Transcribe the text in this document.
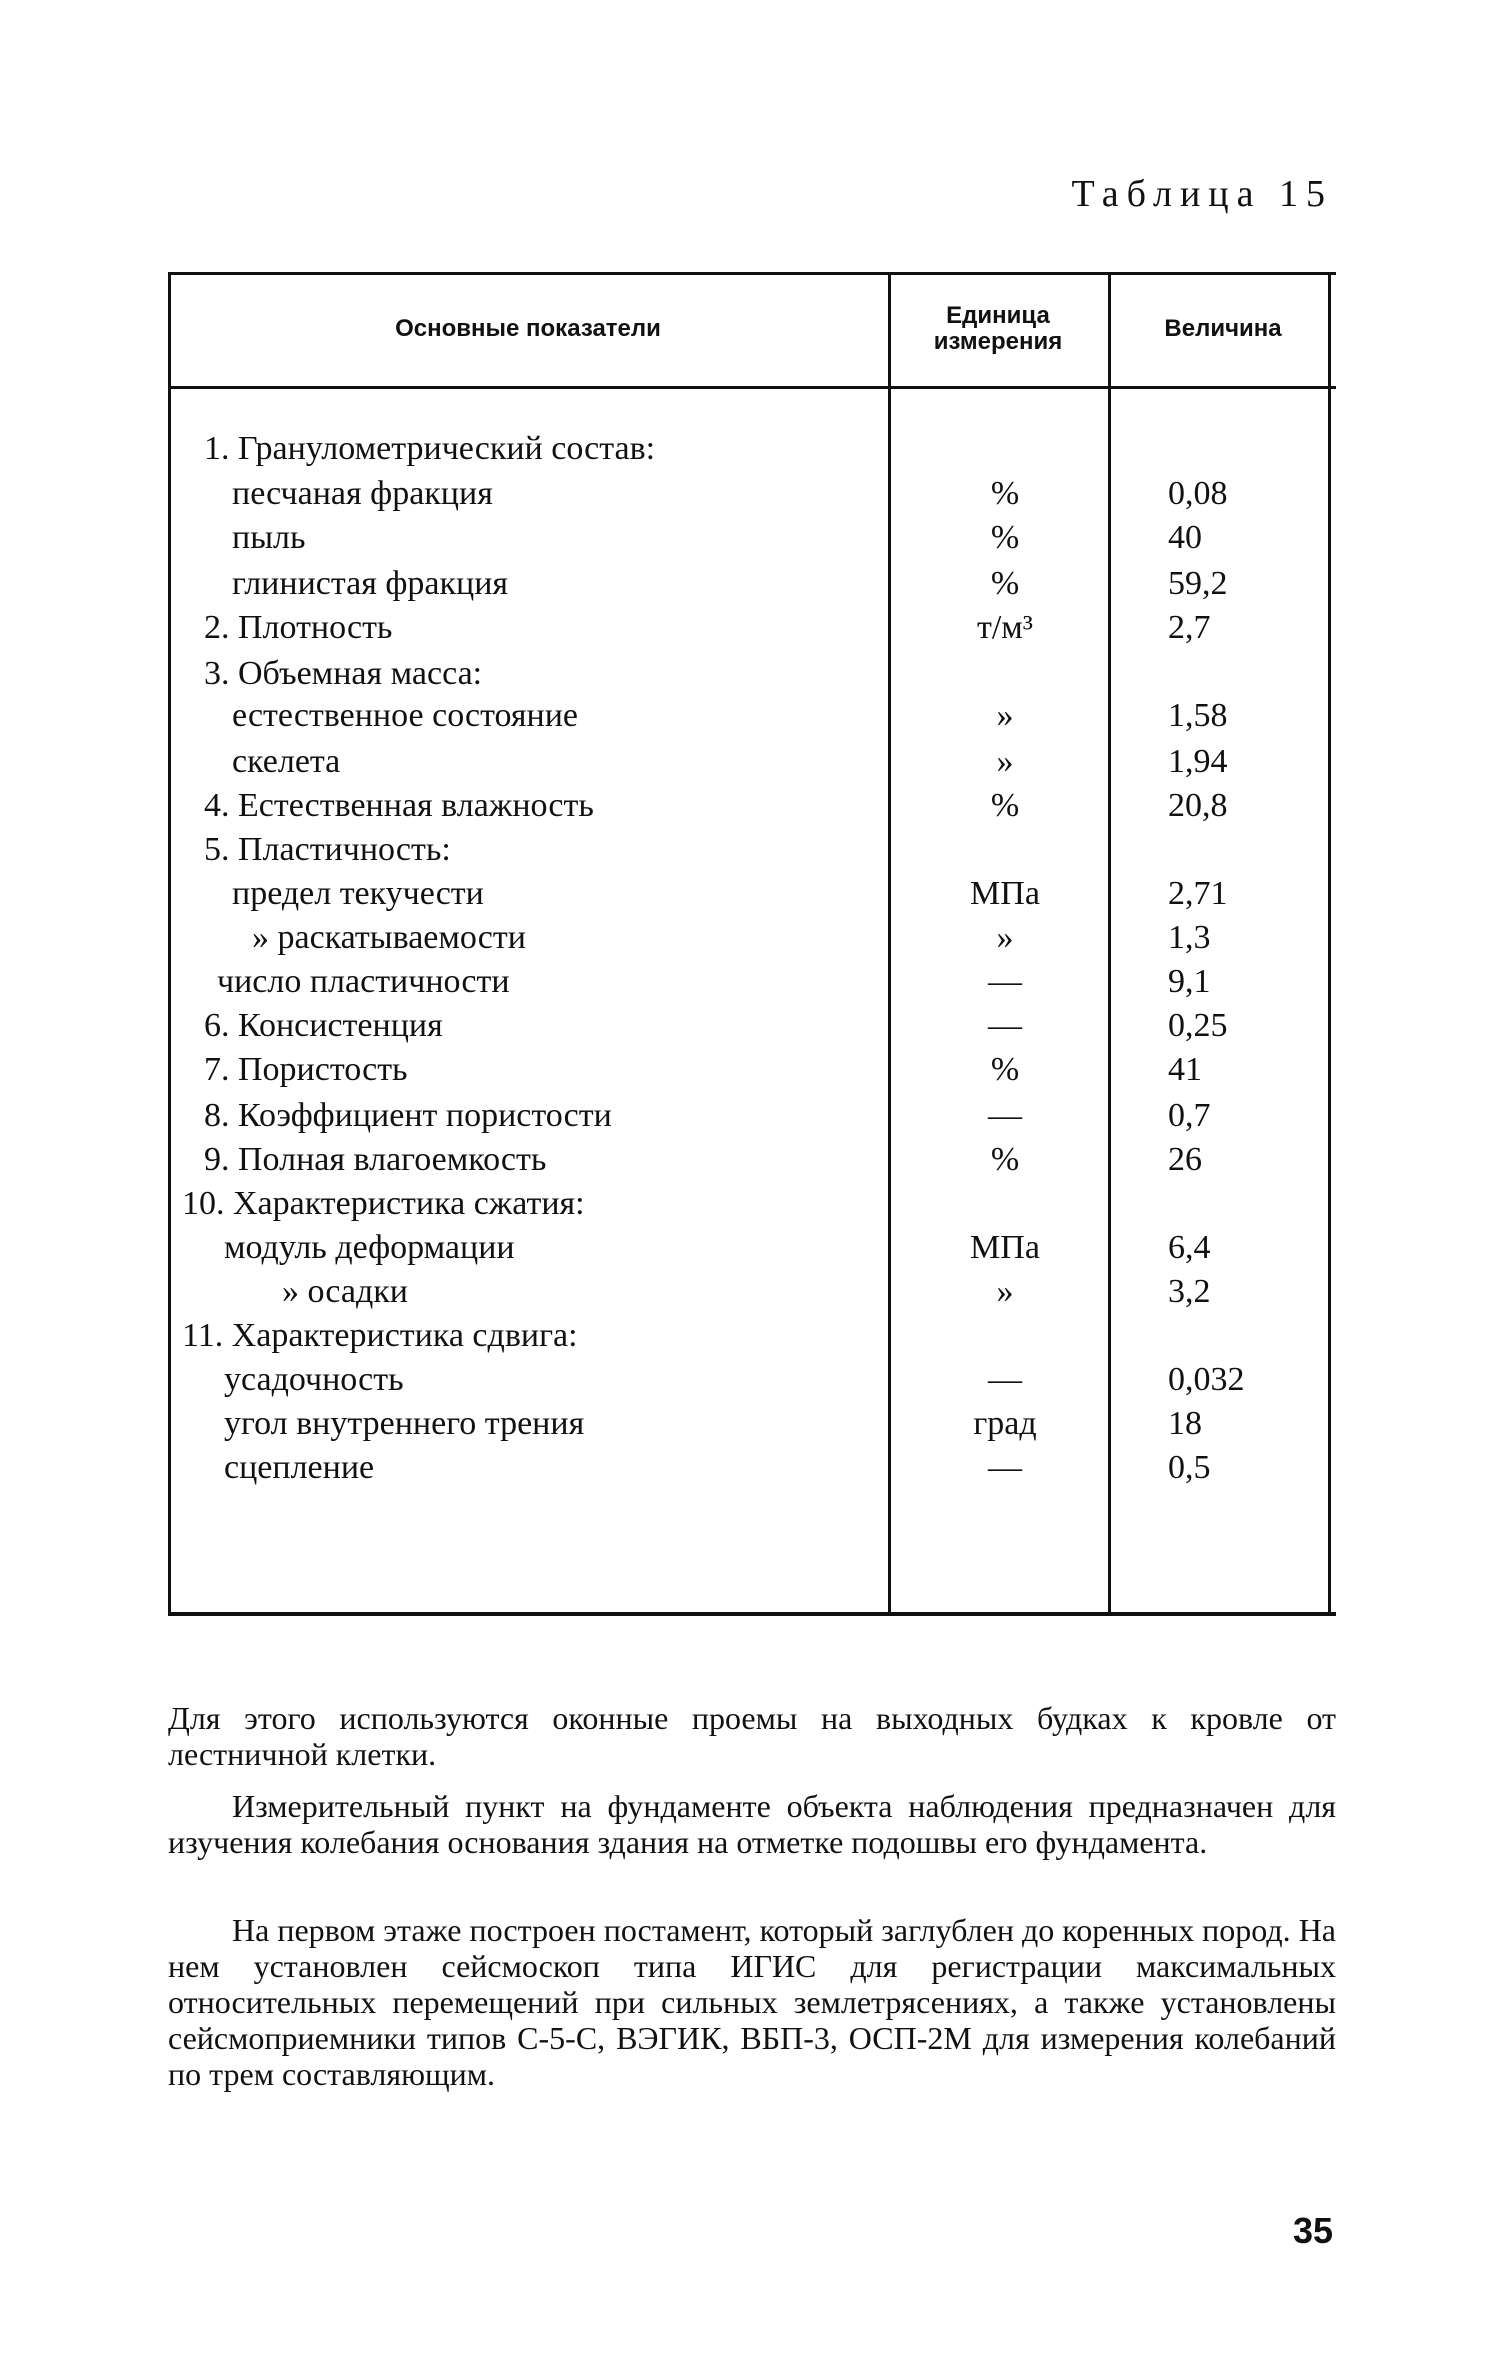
Таблица 15
Основные показатели	Единица измерения	Величина
1. Гранулометрический состав:
песчаная фракция	%	0,08
пыль	%	40
глинистая фракция	%	59,2
2. Плотность	т/м³	2,7
3. Объемная масса:
естественное состояние	»	1,58
скелета	»	1,94
4. Естественная влажность	%	20,8
5. Пластичность:
предел текучести	МПа	2,71
» раскатываемости	»	1,3
число пластичности	—	9,1
6. Консистенция	—	0,25
7. Пористость	%	41
8. Коэффициент пористости	—	0,7
9. Полная влагоемкость	%	26
10. Характеристика сжатия:
модуль деформации	МПа	6,4
» осадки	»	3,2
11. Характеристика сдвига:
усадочность	—	0,032
угол внутреннего трения	град	18
сцепление	—	0,5
Для этого используются оконные проемы на выходных будках к кровле от лестничной клетки.
Измерительный пункт на фундаменте объекта наблюдения предназначен для изучения колебания основания здания на отметке подошвы его фундамента.
На первом этаже построен постамент, который заглублен до коренных пород. На нем установлен сейсмоскоп типа ИГИС для регистрации максимальных относительных перемещений при сильных землетрясениях, а также установлены сейсмоприемники типов С-5-С, ВЭГИК, ВБП-3, ОСП-2М для измерения колебаний по трем составляющим.
35
